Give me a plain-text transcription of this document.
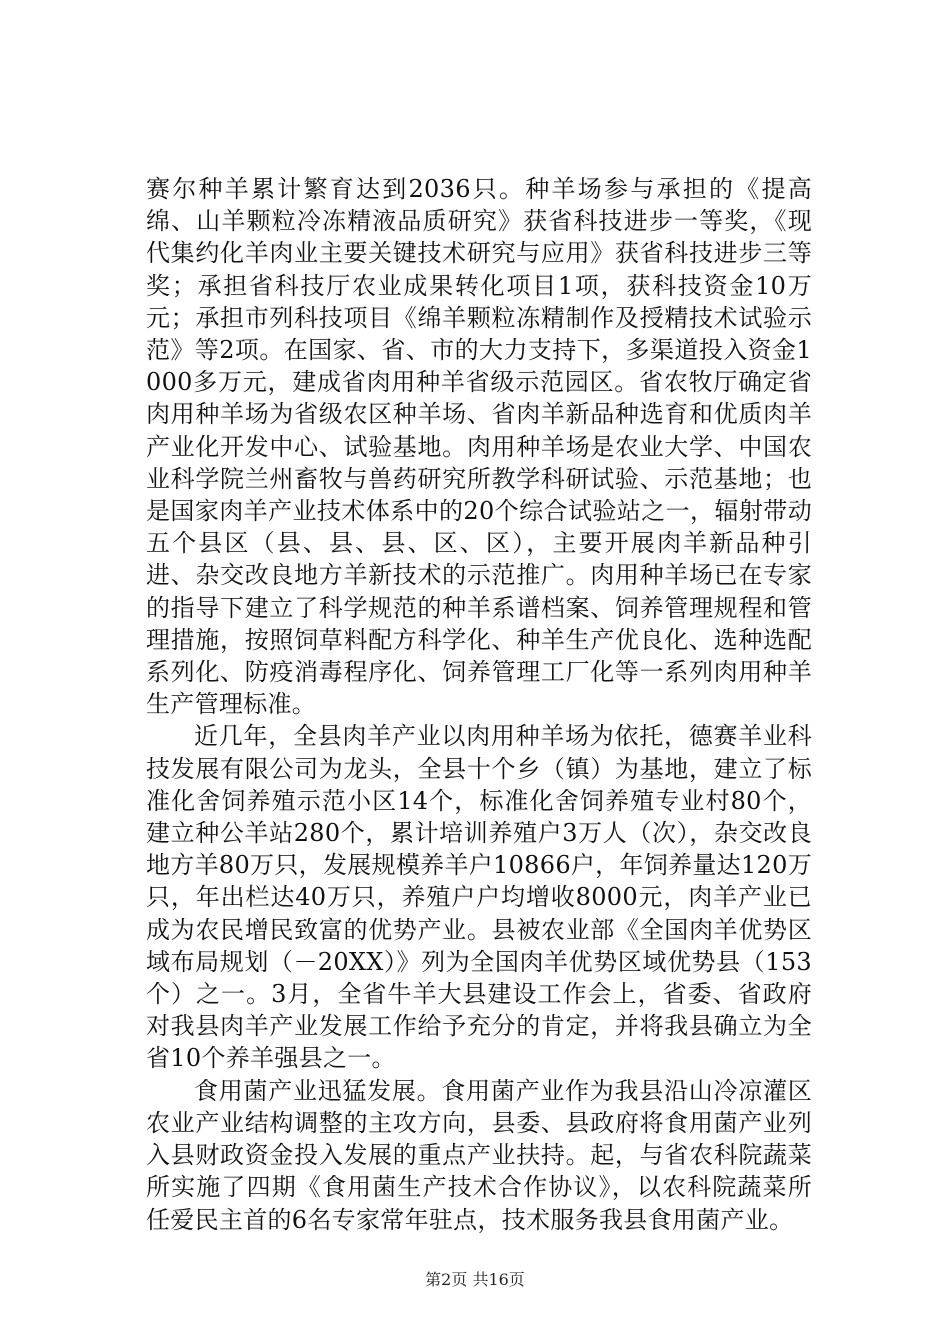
赛尔种羊累计繁育达到2036只。种羊场参与承担的《提高绵、山羊颗粒冷冻精液品质研究》获省科技进步一等奖，《现代集约化羊肉业主要关键技术研究与应用》获省科技进步三等奖；承担省科技厅农业成果转化项目1项，获科技资金10万元；承担市列科技项目《绵羊颗粒冻精制作及授精技术试验示范》等2项。在国家、省、市的大力支持下，多渠道投入资金1000多万元，建成省肉用种羊省级示范园区。省农牧厅确定省肉用种羊场为省级农区种羊场、省肉羊新品种选育和优质肉羊产业化开发中心、试验基地。肉用种羊场是农业大学、中国农业科学院兰州畜牧与兽药研究所教学科研试验、示范基地；也是国家肉羊产业技术体系中的20个综合试验站之一，辐射带动五个县区（县、县、县、区、区），主要开展肉羊新品种引进、杂交改良地方羊新技术的示范推广。肉用种羊场已在专家的指导下建立了科学规范的种羊系谱档案、饲养管理规程和管理措施，按照饲草料配方科学化、种羊生产优良化、选种选配系列化、防疫消毒程序化、饲养管理工厂化等一系列肉用种羊生产管理标准。

近几年，全县肉羊产业以肉用种羊场为依托，德赛羊业科技发展有限公司为龙头，全县十个乡（镇）为基地，建立了标准化舍饲养殖示范小区14个，标准化舍饲养殖专业村80个，建立种公羊站280个，累计培训养殖户3万人（次），杂交改良地方羊80万只，发展规模养羊户10866户，年饲养量达120万只，年出栏达40万只，养殖户户均增收8000元，肉羊产业已成为农民增民致富的优势产业。县被农业部《全国肉羊优势区域布局规划（－20XX）》列为全国肉羊优势区域优势县（153个）之一。3月，全省牛羊大县建设工作会上，省委、省政府对我县肉羊产业发展工作给予充分的肯定，并将我县确立为全省10个养羊强县之一。

食用菌产业迅猛发展。食用菌产业作为我县沿山冷凉灌区农业产业结构调整的主攻方向，县委、县政府将食用菌产业列入县财政资金投入发展的重点产业扶持。起，与省农科院蔬菜所实施了四期《食用菌生产技术合作协议》，以农科院蔬菜所任爱民主首的6名专家常年驻点，技术服务我县食用菌产业。

第2页 共16页
